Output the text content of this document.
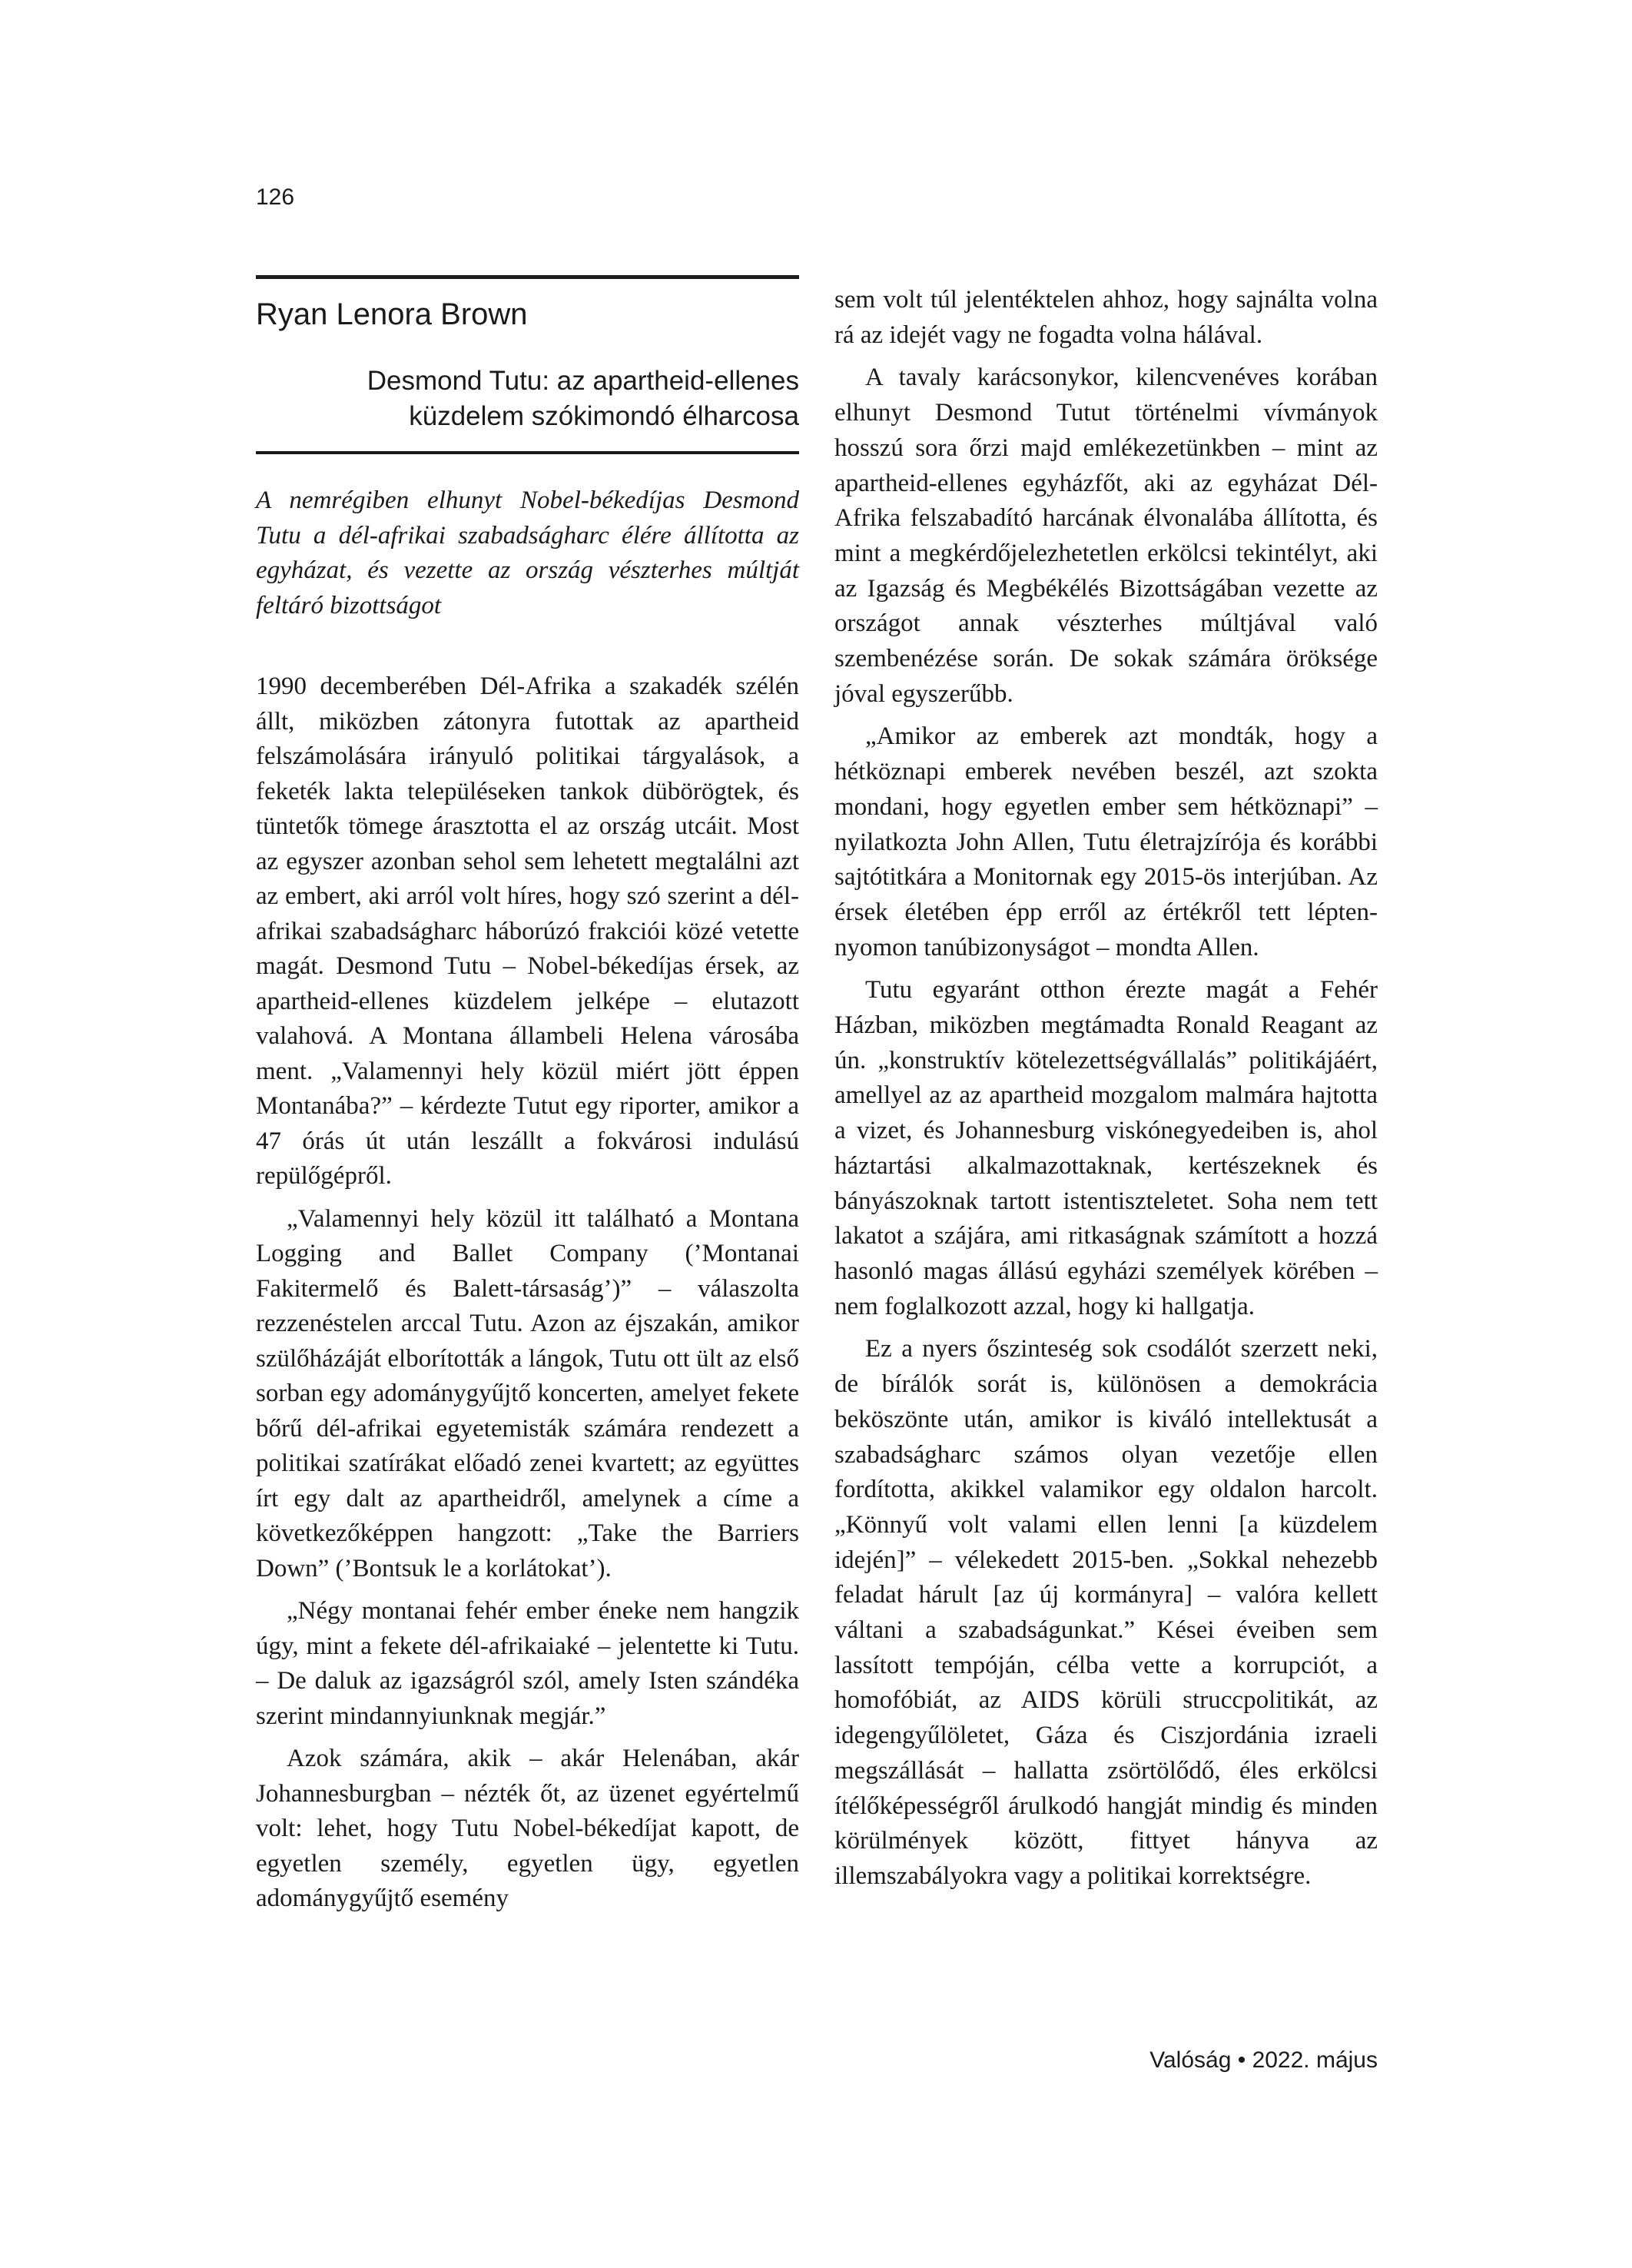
126
Ryan Lenora Brown
Desmond Tutu: az apartheid-ellenes
küzdelem szókimondó élharcosa

A nemrégiben elhunyt Nobel-békedíjas Desmond Tutu a dél-afrikai szabadságharc élére állította az egyházat, és vezette az ország vészterhes múltját feltáró bizottságot

1990 decemberében Dél-Afrika a szakadék szélén állt, miközben zátonyra futottak az apartheid felszámolására irányuló politikai tárgyalások, a feketék lakta településeken tankok dübörögtek, és tüntetők tömege árasztotta el az ország utcáit. Most az egyszer azonban sehol sem lehetett megtalálni azt az embert, aki arról volt híres, hogy szó szerint a dél-afrikai szabadságharc háborúzó frakciói közé vetette magát. Desmond Tutu – Nobel-békedíjas érsek, az apartheid-ellenes küzdelem jelképe – elutazott valahová. A Montana állambeli Helena városába ment. „Valamennyi hely közül miért jött éppen Montanába?” – kérdezte Tutut egy riporter, amikor a 47 órás út után leszállt a fokvárosi indulású repülőgépről.

„Valamennyi hely közül itt található a Montana Logging and Ballet Company (’Montanai Fakitermelő és Balett-társaság’)” – válaszolta rezzenéstelen arccal Tutu. Azon az éjszakán, amikor szülőházáját elborították a lángok, Tutu ott ült az első sorban egy adománygyűjtő koncerten, amelyet fekete bőrű dél-afrikai egyetemisták számára rendezett a politikai szatírákat előadó zenei kvartett; az együttes írt egy dalt az apartheidről, amelynek a címe a következőképpen hangzott: „Take the Barriers Down” (’Bontsuk le a korlátokat’).

„Négy montanai fehér ember éneke nem hangzik úgy, mint a fekete dél-afrikaiaké – jelentette ki Tutu. – De daluk az igazságról szól, amely Isten szándéka szerint mindannyiunknak megjár.”

Azok számára, akik – akár Helenában, akár Johannesburgban – nézték őt, az üzenet egyértelmű volt: lehet, hogy Tutu Nobel-békedíjat kapott, de egyetlen személy, egyetlen ügy, egyetlen adománygyűjtő esemény

sem volt túl jelentéktelen ahhoz, hogy sajnálta volna rá az idejét vagy ne fogadta volna hálával.

A tavaly karácsonykor, kilencvenéves korában elhunyt Desmond Tutut történelmi vívmányok hosszú sora őrzi majd emlékezetünkben – mint az apartheid-ellenes egyházfőt, aki az egyházat Dél-Afrika felszabadító harcának élvonalába állította, és mint a megkérdőjelezhetetlen erkölcsi tekintélyt, aki az Igazság és Megbékélés Bizottságában vezette az országot annak vészterhes múltjával való szembenézése során. De sokak számára öröksége jóval egyszerűbb.

„Amikor az emberek azt mondták, hogy a hétköznapi emberek nevében beszél, azt szokta mondani, hogy egyetlen ember sem hétköznapi” – nyilatkozta John Allen, Tutu életrajzírója és korábbi sajtótitkára a Monitornak egy 2015-ös interjúban. Az érsek életében épp erről az értékről tett lépten-nyomon tanúbizonyságot – mondta Allen.

Tutu egyaránt otthon érezte magát a Fehér Házban, miközben megtámadta Ronald Reagant az ún. „konstruktív kötelezettségvállalás” politikájáért, amellyel az az apartheid mozgalom malmára hajtotta a vizet, és Johannesburg viskónegyedeiben is, ahol háztartási alkalmazottaknak, kertészeknek és bányászoknak tartott istentiszteletet. Soha nem tett lakatot a szájára, ami ritkaságnak számított a hozzá hasonló magas állású egyházi személyek körében – nem foglalkozott azzal, hogy ki hallgatja.

Ez a nyers őszinteség sok csodálót szerzett neki, de bírálók sorát is, különösen a demokrácia beköszönte után, amikor is kiváló intellektusát a szabadságharc számos olyan vezetője ellen fordította, akikkel valamikor egy oldalon harcolt. „Könnyű volt valami ellen lenni [a küzdelem idején]” – vélekedett 2015-ben. „Sokkal nehezebb feladat hárult [az új kormányra] – valóra kellett váltani a szabadságunkat.” Kései éveiben sem lassított tempóján, célba vette a korrupciót, a homofóbiát, az AIDS körüli struccpolitikát, az idegengyűlöletet, Gáza és Ciszjordánia izraeli megszállását – hallatta zsörtölődő, éles erkölcsi ítélőképességről árulkodó hangját mindig és minden körülmények között, fittyet hányva az illemszabályokra vagy a politikai korrektségre.

Valóság • 2022. május
